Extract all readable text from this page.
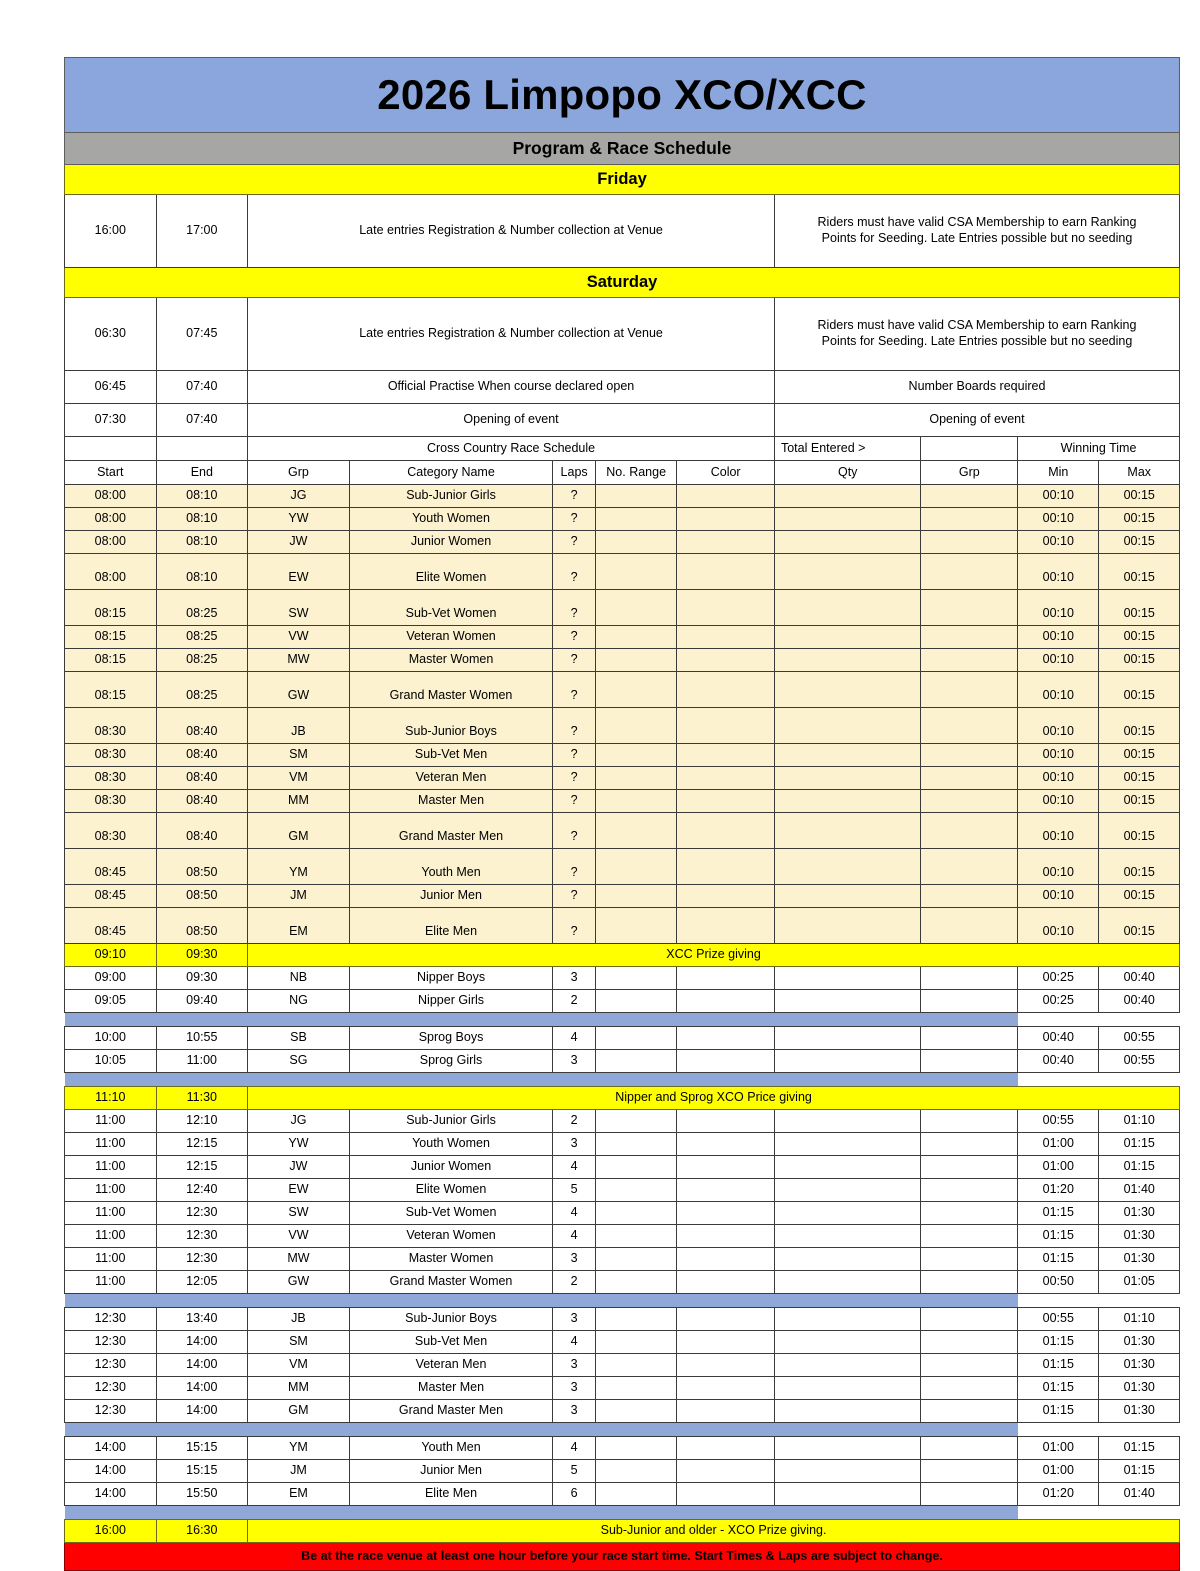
2026 Limpopo XCO/XCC										
Program & Race Schedule										
Friday										
16:00	17:00	Late entries Registration & Number collection at Venue					Riders must have valid CSA Membership to earn Ranking
Points for Seeding. Late Entries possible but no seeding			

Saturday										
06:30	07:45	Late entries Registration & Number collection at Venue					Riders must have valid CSA Membership to earn Ranking
Points for Seeding. Late Entries possible but no seeding			

06:45	07:40	Official Practise When course declared open					Number Boards required			
07:30	07:40	Opening of event					Opening of event			
		Cross Country Race Schedule					Total Entered >		Winning Time	
Start	End	Grp	Category Name	Laps	No. Range	Color	Qty	Grp	Min	Max
08:00	08:10	JG	Sub-Junior Girls	?					00:10	00:15
08:00	08:10	YW	Youth Women	?					00:10	00:15
08:00	08:10	JW	Junior Women	?					00:10	00:15
08:00	08:10	EW	Elite Women	?					00:10	00:15
08:15	08:25	SW	Sub-Vet Women	?					00:10	00:15
08:15	08:25	VW	Veteran Women	?					00:10	00:15
08:15	08:25	MW	Master Women	?					00:10	00:15
08:15	08:25	GW	Grand Master Women	?					00:10	00:15
08:30	08:40	JB	Sub-Junior Boys	?					00:10	00:15
08:30	08:40	SM	Sub-Vet Men	?					00:10	00:15
08:30	08:40	VM	Veteran Men	?					00:10	00:15
08:30	08:40	MM	Master Men	?					00:10	00:15
08:30	08:40	GM	Grand Master Men	?					00:10	00:15
08:45	08:50	YM	Youth Men	?					00:10	00:15
08:45	08:50	JM	Junior Men	?					00:10	00:15
08:45	08:50	EM	Elite Men	?					00:10	00:15
09:10	09:30	XCC Prize giving								
09:00	09:30	NB	Nipper Boys	3					00:25	00:40
09:05	09:40	NG	Nipper Girls	2					00:25	00:40

10:00	10:55	SB	Sprog Boys	4					00:40	00:55
10:05	11:00	SG	Sprog Girls	3					00:40	00:55

11:10	11:30	Nipper and Sprog XCO Price giving								
11:00	12:10	JG	Sub-Junior Girls	2					00:55	01:10
11:00	12:15	YW	Youth Women	3					01:00	01:15
11:00	12:15	JW	Junior Women	4					01:00	01:15
11:00	12:40	EW	Elite Women	5					01:20	01:40
11:00	12:30	SW	Sub-Vet Women	4					01:15	01:30
11:00	12:30	VW	Veteran Women	4					01:15	01:30
11:00	12:30	MW	Master Women	3					01:15	01:30
11:00	12:05	GW	Grand Master Women	2					00:50	01:05

12:30	13:40	JB	Sub-Junior Boys	3					00:55	01:10
12:30	14:00	SM	Sub-Vet Men	4					01:15	01:30
12:30	14:00	VM	Veteran Men	3					01:15	01:30
12:30	14:00	MM	Master Men	3					01:15	01:30
12:30	14:00	GM	Grand Master Men	3					01:15	01:30

14:00	15:15	YM	Youth Men	4					01:00	01:15
14:00	15:15	JM	Junior Men	5					01:00	01:15
14:00	15:50	EM	Elite Men	6					01:20	01:40

16:00	16:30	Sub-Junior and older - XCO Prize giving.								
Be at the race venue at least one hour before your race start time. Start Times & Laps are subject to change.										
